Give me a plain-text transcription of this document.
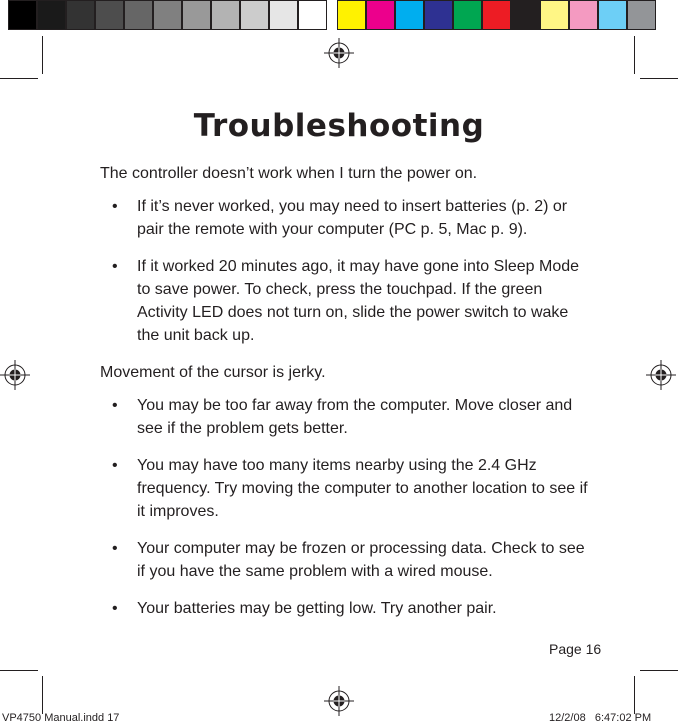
Troubleshooting

The controller doesn’t work when I turn the power on.

• If it’s never worked, you may need to insert batteries (p. 2) or pair the remote with your computer (PC p. 5, Mac p. 9).
• If it worked 20 minutes ago, it may have gone into Sleep Mode to save power. To check, press the touchpad. If the green Activity LED does not turn on, slide the power switch to wake the unit back up.

Movement of the cursor is jerky.

• You may be too far away from the computer. Move closer and see if the problem gets better.
• You may have too many items nearby using the 2.4 GHz frequency. Try moving the computer to another location to see if it improves.
• Your computer may be frozen or processing data. Check to see if you have the same problem with a wired mouse.
• Your batteries may be getting low. Try another pair.
Page 16
VP4750 Manual.indd 17	12/2/08   6:47:02 PM
